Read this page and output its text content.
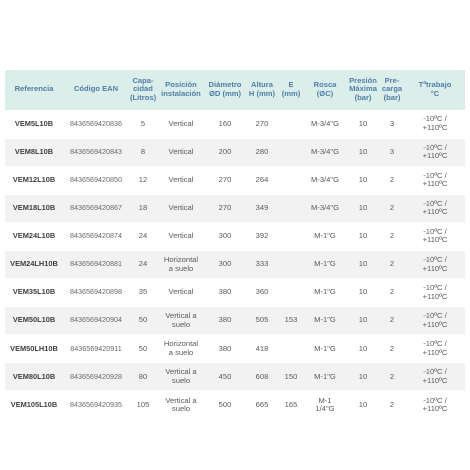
Referencia	Código EAN	Capa-
cidad
(Litros)	Posición
instalación	Diámetro
ØD (mm)	Altura
H (mm)	E
(mm)	Rosca
(ØC)	Presión
Máxima
(bar)	Pre-
carga
(bar)	Tªtrabajo
°C
VEM5L10B	8436569420836	5	Vertical	160	270		M-3/4"G	10	3	-10ºC /
+110ºC
VEM8L10B	8436569420843	8	Vertical	200	280		M-3/4"G	10	3	-10ºC /
+110ºC
VEM12L10B	8436569420850	12	Vertical	270	264		M-3/4"G	10	2	-10ºC /
+110ºC
VEM18L10B	8436569420867	18	Vertical	270	349		M-3/4"G	10	2	-10ºC /
+110ºC
VEM24L10B	8436569420874	24	Vertical	300	392		M-1"G	10	2	-10ºC /
+110ºC
VEM24LH10B	8436569420881	24	Horizontal
a suelo	300	333		M-1"G	10	2	-10ºC /
+110ºC
VEM35L10B	8436569420898	35	Vertical	380	360		M-1"G	10	2	-10ºC /
+110ºC
VEM50L10B	8436569420904	50	Vertical a
suelo	380	505	153	M-1"G	10	2	-10ºC /
+110ºC
VEM50LH10B	8436569420911	50	Horizontal
a suelo	380	418		M-1"G	10	2	-10ºC /
+110ºC
VEM80L10B	8436569420928	80	Vertical a
suelo	450	608	150	M-1"G	10	2	-10ºC /
+110ºC
VEM105L10B	8436569420935	105	Vertical a
suelo	500	665	165	M-1
1/4"G	10	2	-10ºC /
+110ºC
